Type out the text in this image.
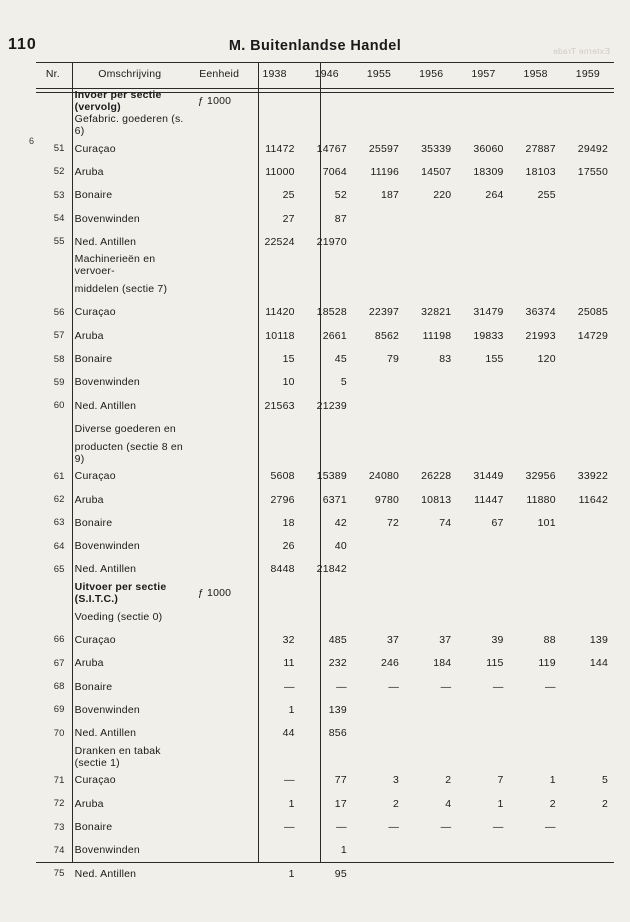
Externe Trade
110	M. Buitenlandse Handel
6
Nr.	Omschrijving	Eenheid	1938	1946	1955	1956	1957	1958	1959
	Invoer per sectie (vervolg)	ƒ 1000							
	Gefabric. goederen (s. 6)								
51	Curaçao		11472	14767	25597	35339	36060	27887	29492
52	Aruba		11000	7064	11196	14507	18309	18103	17550
53	Bonaire		25	52	187	220	264	255	
54	Bovenwinden		27	87					
55	Ned. Antillen		22524	21970					
	Machinerieën en vervoer-								
	middelen (sectie 7)								
56	Curaçao		11420	18528	22397	32821	31479	36374	25085
57	Aruba		10118	2661	8562	11198	19833	21993	14729
58	Bonaire		15	45	79	83	155	120	
59	Bovenwinden		10	5					
60	Ned. Antillen		21563	21239					
	Diverse goederen en								
	producten (sectie 8 en 9)								
61	Curaçao		5608	15389	24080	26228	31449	32956	33922
62	Aruba		2796	6371	9780	10813	11447	11880	11642
63	Bonaire		18	42	72	74	67	101	
64	Bovenwinden		26	40					
65	Ned. Antillen		8448	21842					
	Uitvoer per sectie (S.I.T.C.)	ƒ 1000							
	Voeding (sectie 0)								
66	Curaçao		32	485	37	37	39	88	139
67	Aruba		11	232	246	184	115	119	144
68	Bonaire		—	—	—	—	—	—	
69	Bovenwinden		1	139					
70	Ned. Antillen		44	856					
	Dranken en tabak (sectie 1)								
71	Curaçao		—	77	3	2	7	1	5
72	Aruba		1	17	2	4	1	2	2
73	Bonaire		—	—	—	—	—	—	
74	Bovenwinden			1					
75	Ned. Antillen		1	95					
